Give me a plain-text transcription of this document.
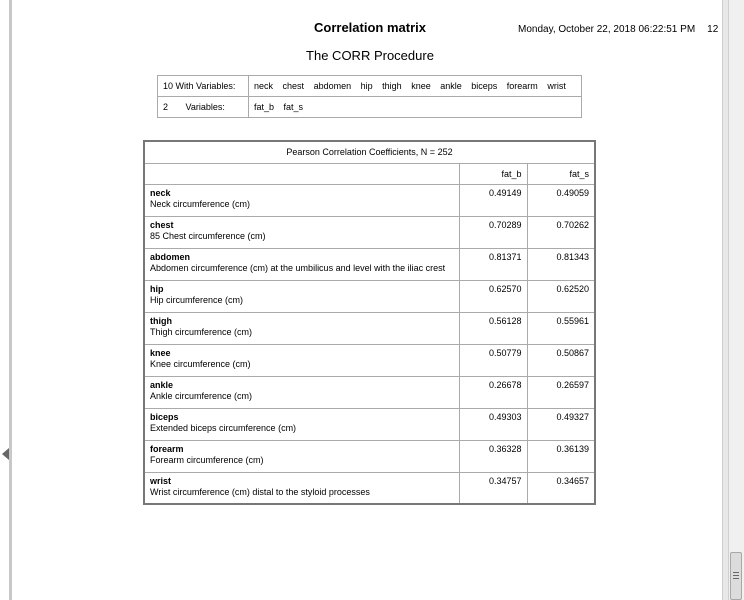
Correlation matrix
The CORR Procedure
Monday, October 22, 2018 06:22:51 PM 12
10 With Variables:	neck chest abdomen hip thigh knee ankle biceps forearm wrist
2 Variables:	fat_b fat_s
Pearson Correlation Coefficients, N = 252		
	fat_b	fat_s

neck
Neck circumference (cm)	0.49149	0.49059

chest
85 Chest circumference (cm)	0.70289	0.70262

abdomen
Abdomen circumference (cm) at the umbilicus and level with the iliac crest	0.81371	0.81343

hip
Hip circumference (cm)	0.62570	0.62520

thigh
Thigh circumference (cm)	0.56128	0.55961

knee
Knee circumference (cm)	0.50779	0.50867

ankle
Ankle circumference (cm)	0.26678	0.26597

biceps
Extended biceps circumference (cm)	0.49303	0.49327

forearm
Forearm circumference (cm)	0.36328	0.36139

wrist
Wrist circumference (cm) distal to the styloid processes	0.34757	0.34657
